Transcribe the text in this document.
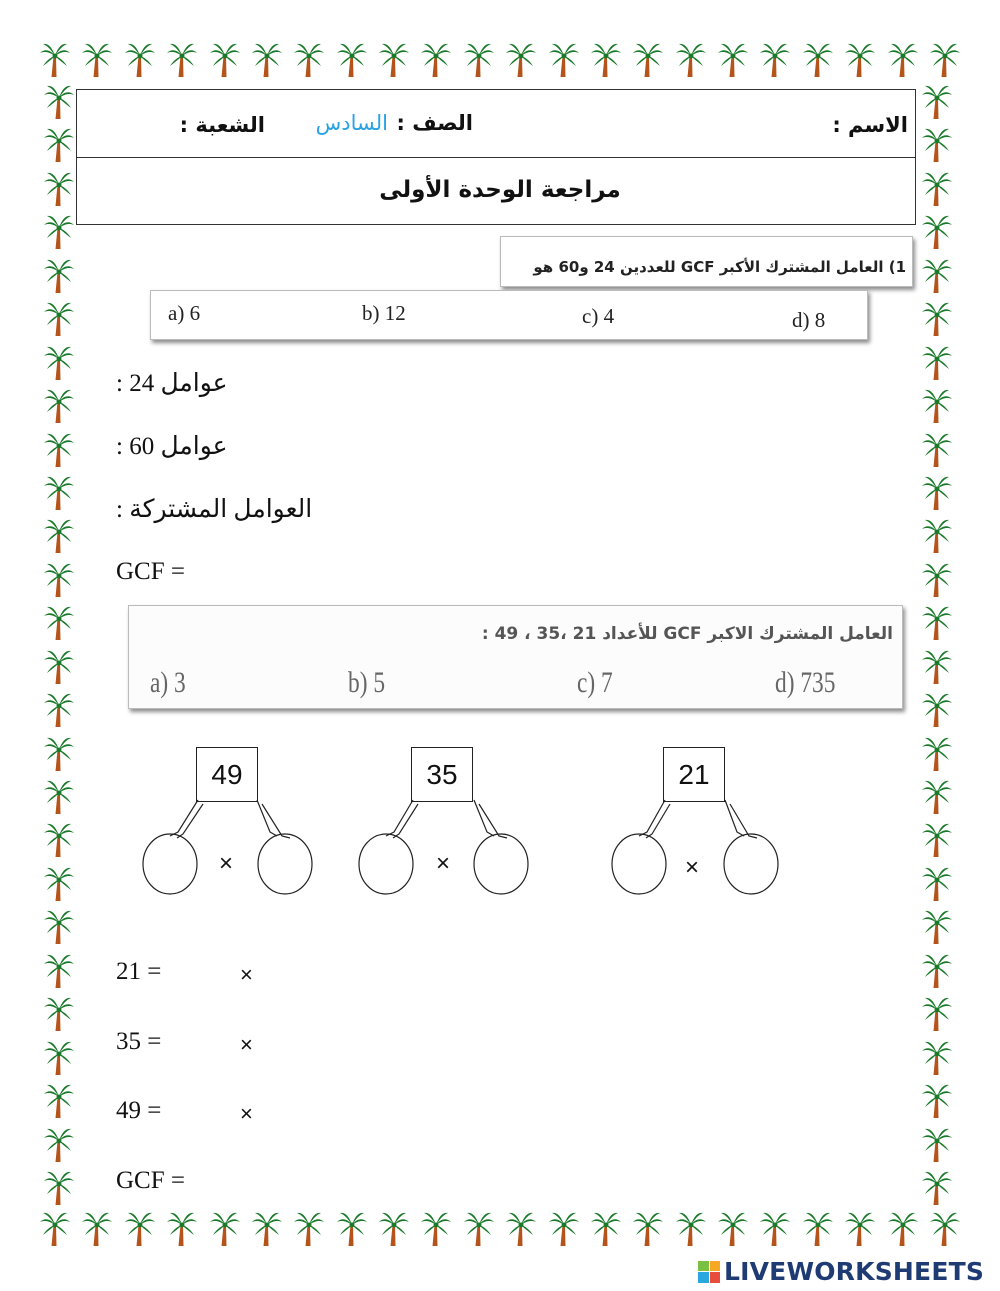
الاسم :
الصف :
السادس
الشعبة :
مراجعة الوحدة الأولى
1) العامل المشترك الأكبر GCF للعددين 24 و60 هو
a) 6	b) 12	c) 4	d) 8
: عوامل 24
: عوامل 60
: العوامل المشتركة
GCF =
العامل المشترك الاكبر GCF للأعداد 21 ،35 ، 49 :
a) 3	b) 5	c) 7	d) 735
49
×
35
×
21
×
21 =	×
35 =	×
49 =	×
GCF =
LIVEWORKSHEETS
